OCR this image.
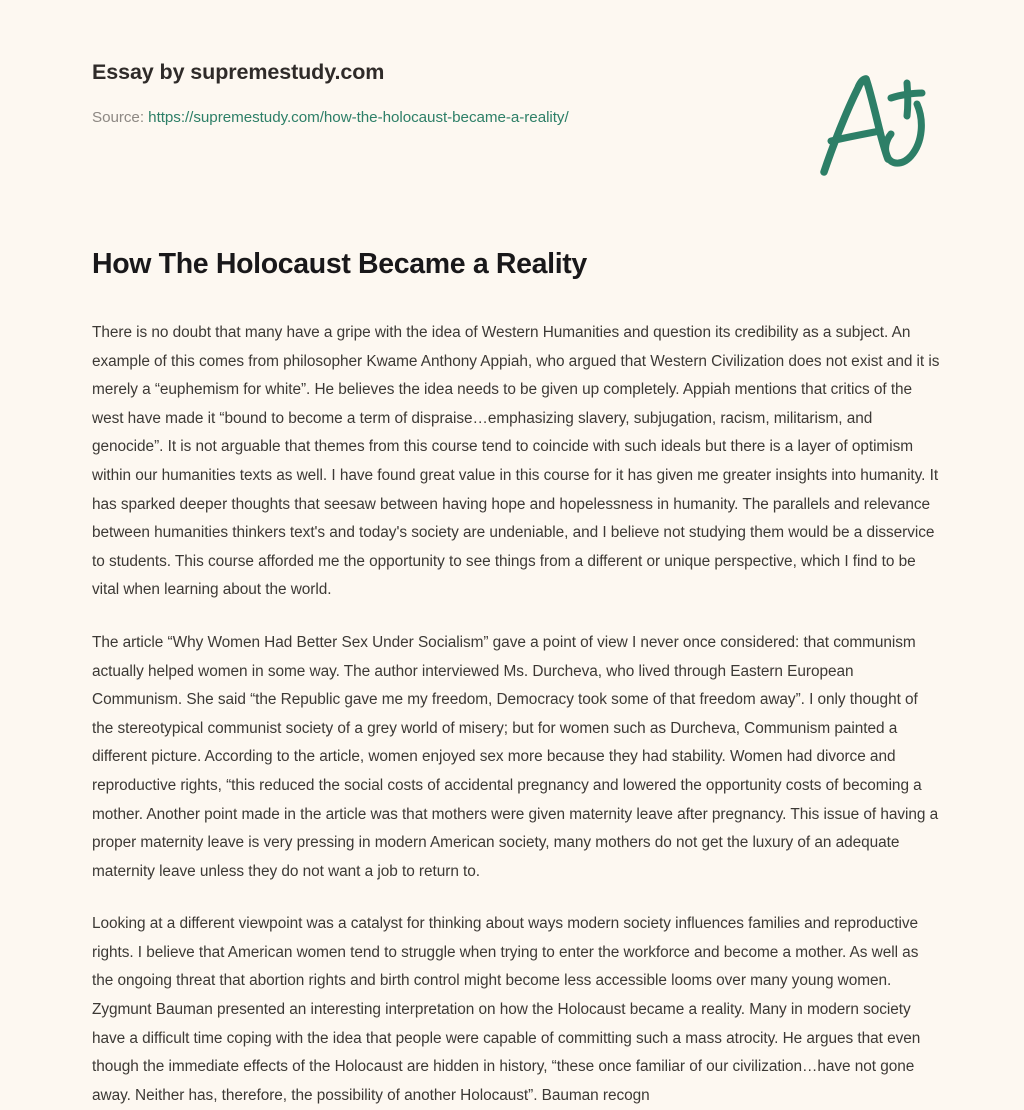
Essay by supremestudy.com
Source: https://supremestudy.com/how-the-holocaust-became-a-reality/
How The Holocaust Became a Reality

There is no doubt that many have a gripe with the idea of Western Humanities and question its credibility as a subject. An example of this comes from philosopher Kwame Anthony Appiah, who argued that Western Civilization does not exist and it is merely a “euphemism for white”. He believes the idea needs to be given up completely. Appiah mentions that critics of the west have made it “bound to become a term of dispraise…emphasizing slavery, subjugation, racism, militarism, and genocide”. It is not arguable that themes from this course tend to coincide with such ideals but there is a layer of optimism within our humanities texts as well. I have found great value in this course for it has given me greater insights into humanity. It has sparked deeper thoughts that seesaw between having hope and hopelessness in humanity. The parallels and relevance between humanities thinkers text's and today's society are undeniable, and I believe not studying them would be a disservice to students. This course afforded me the opportunity to see things from a different or unique perspective, which I find to be vital when learning about the world.

The article “Why Women Had Better Sex Under Socialism” gave a point of view I never once considered: that communism actually helped women in some way. The author interviewed Ms. Durcheva, who lived through Eastern European Communism. She said “the Republic gave me my freedom, Democracy took some of that freedom away”. I only thought of the stereotypical communist society of a grey world of misery; but for women such as Durcheva, Communism painted a different picture. According to the article, women enjoyed sex more because they had stability. Women had divorce and reproductive rights, “this reduced the social costs of accidental pregnancy and lowered the opportunity costs of becoming a mother. Another point made in the article was that mothers were given maternity leave after pregnancy. This issue of having a proper maternity leave is very pressing in modern American society, many mothers do not get the luxury of an adequate maternity leave unless they do not want a job to return to.

Looking at a different viewpoint was a catalyst for thinking about ways modern society influences families and reproductive rights. I believe that American women tend to struggle when trying to enter the workforce and become a mother. As well as the ongoing threat that abortion rights and birth control might become less accessible looms over many young women. Zygmunt Bauman presented an interesting interpretation on how the Holocaust became a reality. Many in modern society have a difficult time coping with the idea that people were capable of committing such a mass atrocity. He argues that even though the immediate effects of the Holocaust are hidden in history, “these once familiar of our civilization…have not gone away. Neither has, therefore, the possibility of another Holocaust”. Bauman recogn
